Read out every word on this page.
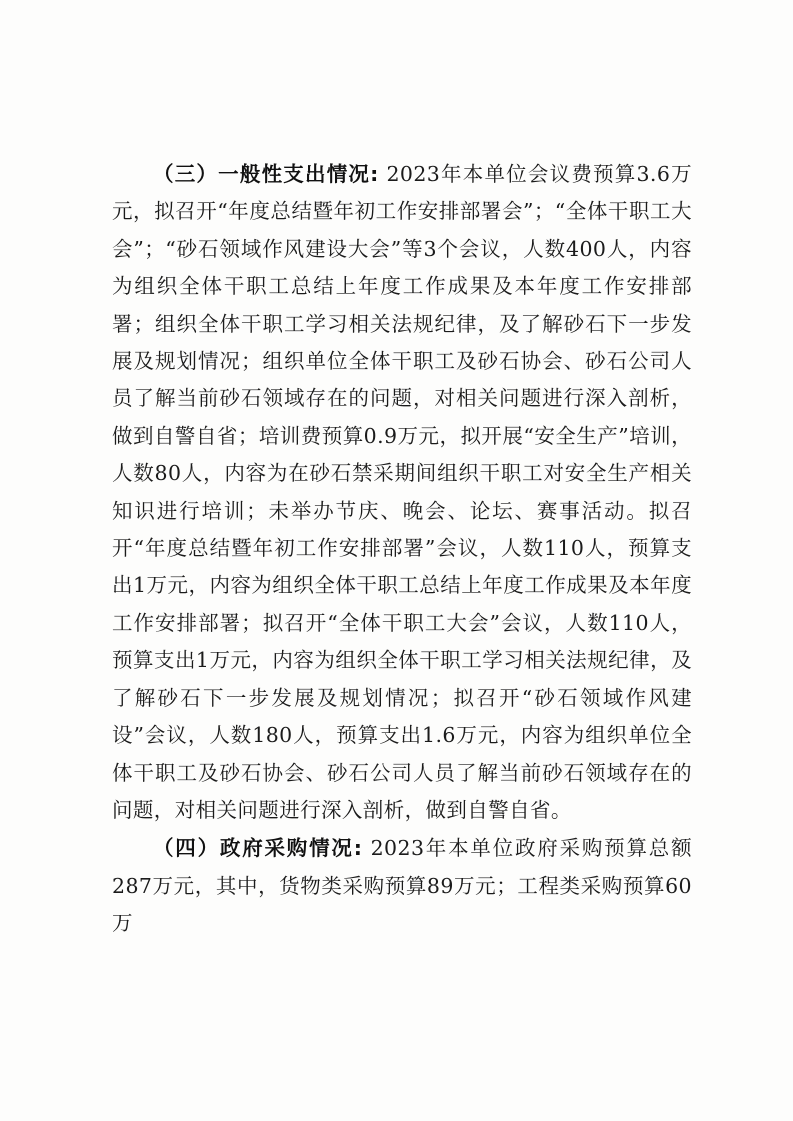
（三）一般性支出情况: 2023年本单位会议费预算3.6万元，拟召开“年度总结暨年初工作安排部署会”；“全体干职工大会”；“砂石领域作风建设大会”等3个会议，人数400人，内容为组织全体干职工总结上年度工作成果及本年度工作安排部署；组织全体干职工学习相关法规纪律，及了解砂石下一步发展及规划情况；组织单位全体干职工及砂石协会、砂石公司人员了解当前砂石领域存在的问题，对相关问题进行深入剖析，做到自警自省；培训费预算0.9万元，拟开展“安全生产”培训，人数80人，内容为在砂石禁采期间组织干职工对安全生产相关知识进行培训；未举办节庆、晚会、论坛、赛事活动。拟召开“年度总结暨年初工作安排部署”会议，人数110人，预算支出1万元，内容为组织全体干职工总结上年度工作成果及本年度工作安排部署；拟召开“全体干职工大会”会议，人数110人，预算支出1万元，内容为组织全体干职工学习相关法规纪律，及了解砂石下一步发展及规划情况；拟召开“砂石领域作风建设”会议，人数180人，预算支出1.6万元，内容为组织单位全体干职工及砂石协会、砂石公司人员了解当前砂石领域存在的问题，对相关问题进行深入剖析，做到自警自省。

（四）政府采购情况: 2023年本单位政府采购预算总额287万元，其中，货物类采购预算89万元；工程类采购预算60万
